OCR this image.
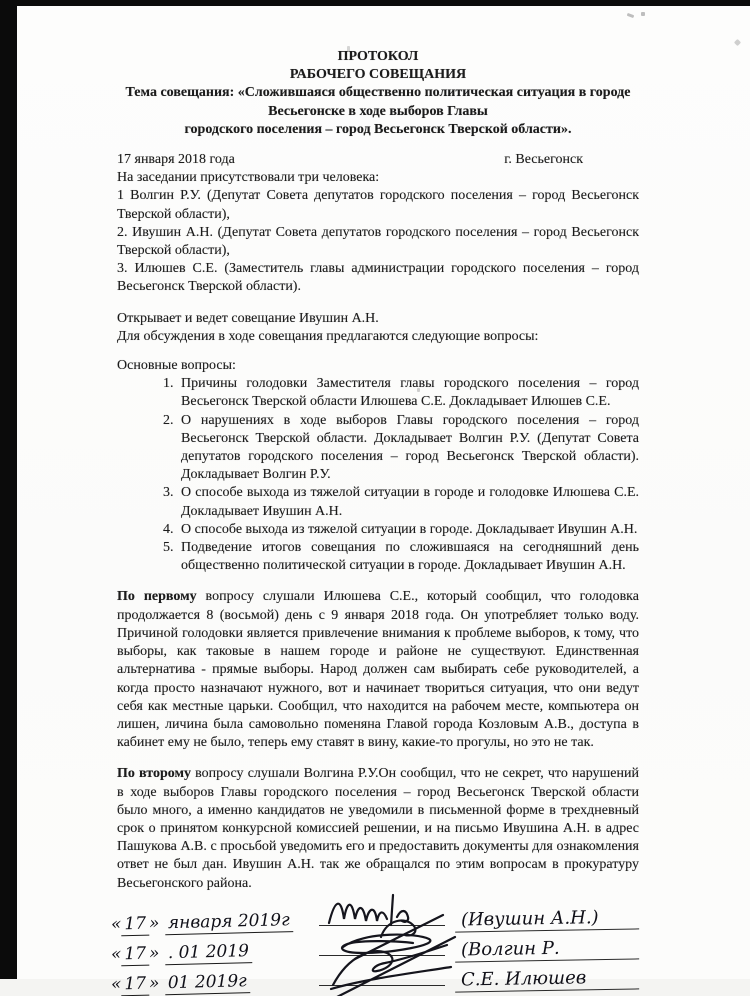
ПРОТОКОЛ
РАБОЧЕГО СОВЕЩАНИЯ
Тема совещания: «Сложившаяся общественно политическая ситуация в городе
Весьегонске в ходе выборов Главы
городского поселения – город Весьегонск Тверской области».
17 января 2018 года	г. Весьегонск

На заседании присутствовали три человека:

1 Волгин Р.У. (Депутат Совета депутатов городского поселения – город Весьегонск Тверской области),

2. Ивушин А.Н. (Депутат Совета депутатов городского поселения – город Весьегонск Тверской области),

3. Илюшев С.Е. (Заместитель главы администрации городского поселения – город Весьегонск Тверской области).

Открывает и ведет совещание Ивушин А.Н.

Для обсуждения в ходе совещания предлагаются следующие вопросы:

Основные вопросы:

1. Причины голодовки Заместителя главы городского поселения – город Весьегонск Тверской области Илюшева С.Е. Докладывает Илюшев С.Е.
2. О нарушениях в ходе выборов Главы городского поселения – город Весьегонск Тверской области. Докладывает Волгин Р.У. (Депутат Совета депутатов городского поселения – город Весьегонск Тверской области). Докладывает Волгин Р.У.
3. О способе выхода из тяжелой ситуации в городе и голодовке Илюшева С.Е. Докладывает Ивушин А.Н.
4. О способе выхода из тяжелой ситуации в городе. Докладывает Ивушин А.Н.
5. Подведение итогов совещания по сложившаяся на сегодняшний день общественно политической ситуации в городе. Докладывает Ивушин А.Н.

По первому вопросу слушали Илюшева С.Е., который сообщил, что голодовка продолжается 8 (восьмой) день с 9 января 2018 года. Он употребляет только воду. Причиной голодовки является привлечение внимания к проблеме выборов, к тому, что выборы, как таковые в нашем городе и районе не существуют. Единственная альтернатива - прямые выборы. Народ должен сам выбирать себе руководителей, а когда просто назначают нужного, вот и начинает твориться ситуация, что они ведут себя как местные царьки. Сообщил, что находится на рабочем месте, компьютера он лишен, личина была самовольно поменяна Главой города Козловым А.В., доступа в кабинет ему не было, теперь ему ставят в вину, какие-то прогулы, но это не так.

По второму вопросу слушали Волгина Р.У.Он сообщил, что не секрет, что нарушений в ходе выборов Главы городского поселения – город Весьегонск Тверской области было много, а именно кандидатов не уведомили в письменной форме в трехдневный срок о принятом конкурсной комиссией решении, и на письмо Ивушина А.Н. в адрес Пашукова А.В. с просьбой уведомить его и предоставить документы для ознакомления ответ не был дан. Ивушин А.Н. так же обращался по этим вопросам в прокуратуру Весьегонского района.

« 17 » января 2019г	(Ивушин А.Н.)
« 17 » . 01 2019	(Волгин Р.
« 17 » 01 2019г	С.Е. Илюшев
